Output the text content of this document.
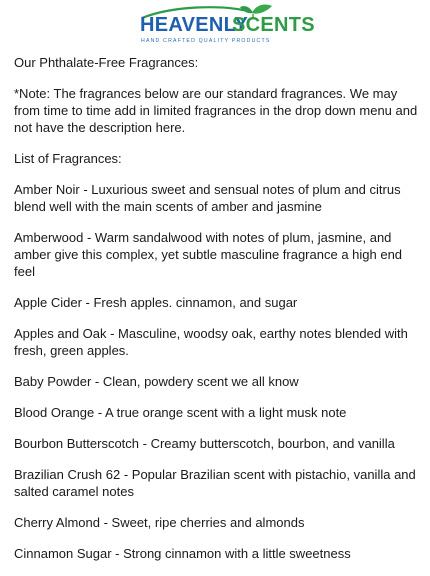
HEAVENLY
SCENTS
HAND CRAFTED QUALITY PRODUCTS

Our Phthalate-Free Fragrances:

*Note: The fragrances below are our standard fragrances. We may from time to time add in limited fragrances in the drop down menu and not have the description here.

List of Fragrances:

Amber Noir - Luxurious sweet and sensual notes of plum and citrus blend well with the main scents of amber and jasmine

Amberwood - Warm sandalwood with notes of plum, jasmine, and amber give this complex, yet subtle masculine fragrance a high end feel

Apple Cider - Fresh apples. cinnamon, and sugar

Apples and Oak - Masculine, woodsy oak, earthy notes blended with fresh, green apples.

Baby Powder - Clean, powdery scent we all know

Blood Orange - A true orange scent with a light musk note

Bourbon Butterscotch - Creamy butterscotch, bourbon, and vanilla

Brazilian Crush 62 - Popular Brazilian scent with pistachio, vanilla and salted caramel notes

Cherry Almond - Sweet, ripe cherries and almonds

Cinnamon Sugar - Strong cinnamon with a little sweetness
